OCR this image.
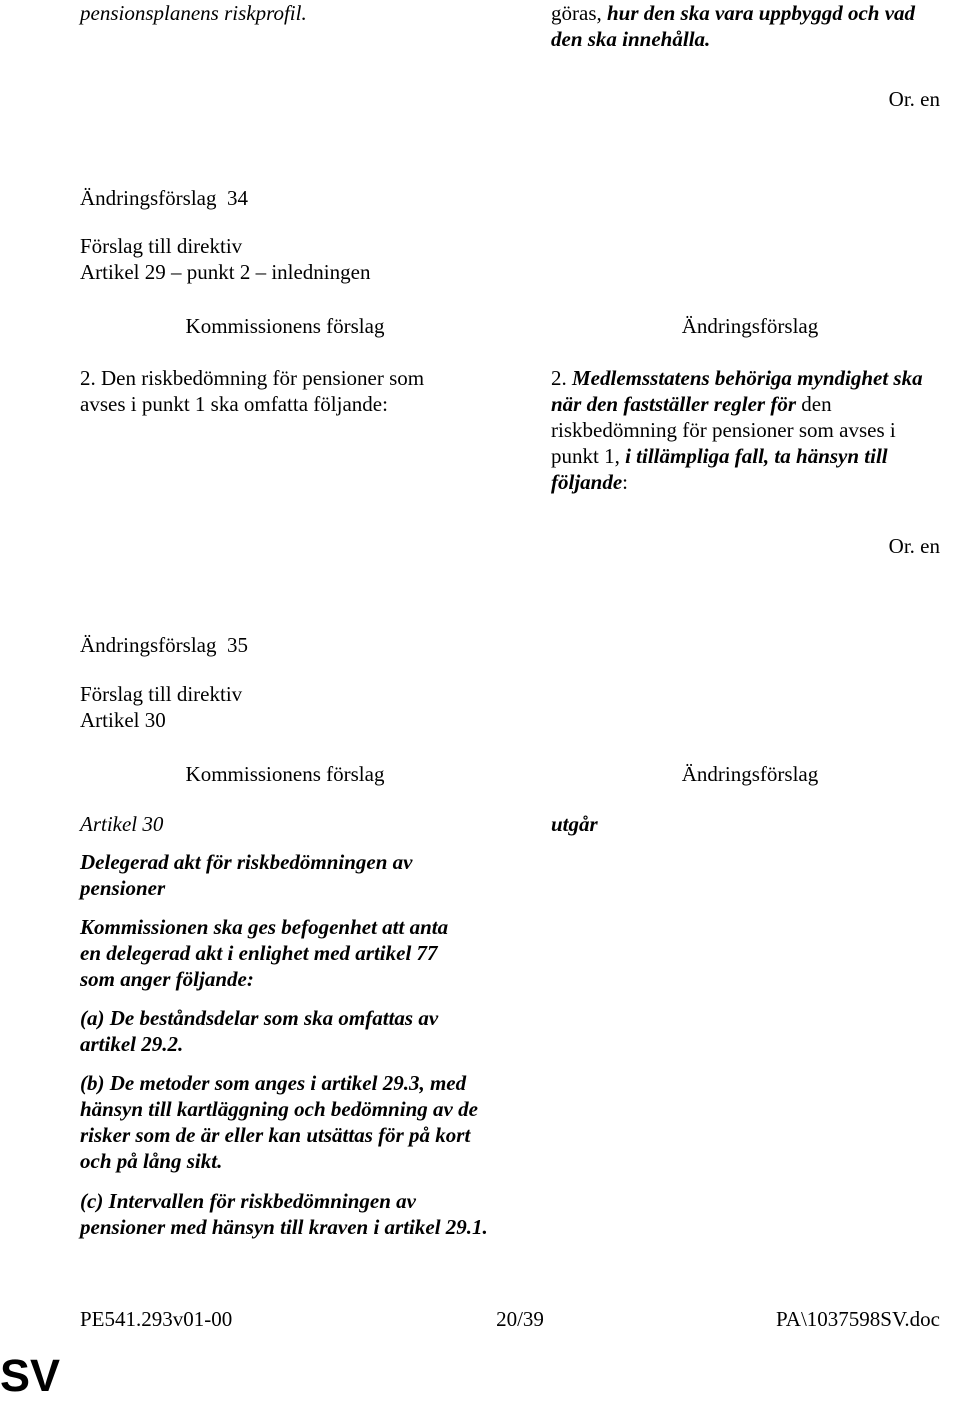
pensionsplanens riskprofil.	göras, hur den ska vara uppbyggd och vad den ska innehålla.
Or. en
Ändringsförslag  34
Förslag till direktiv
Artikel 29 – punkt 2 – inledningen
Kommissionens förslag	Ändringsförslag
2. Den riskbedömning för pensioner som avses i punkt 1 ska omfatta följande:
2. Medlemsstatens behöriga myndighet ska när den fastställer regler för den riskbedömning för pensioner som avses i punkt 1, i tillämpliga fall, ta hänsyn till följande:
Or. en
Ändringsförslag  35
Förslag till direktiv
Artikel 30
Kommissionens förslag	Ändringsförslag
Artikel 30	utgår
Delegerad akt för riskbedömningen av pensioner
Kommissionen ska ges befogenhet att anta en delegerad akt i enlighet med artikel 77 som anger följande:
(a) De beståndsdelar som ska omfattas av artikel 29.2.
(b) De metoder som anges i artikel 29.3, med hänsyn till kartläggning och bedömning av de risker som de är eller kan utsättas för på kort och på lång sikt.
(c) Intervallen för riskbedömningen av pensioner med hänsyn till kraven i artikel 29.1.
PE541.293v01-00	20/39	PA\1037598SV.doc
SV
